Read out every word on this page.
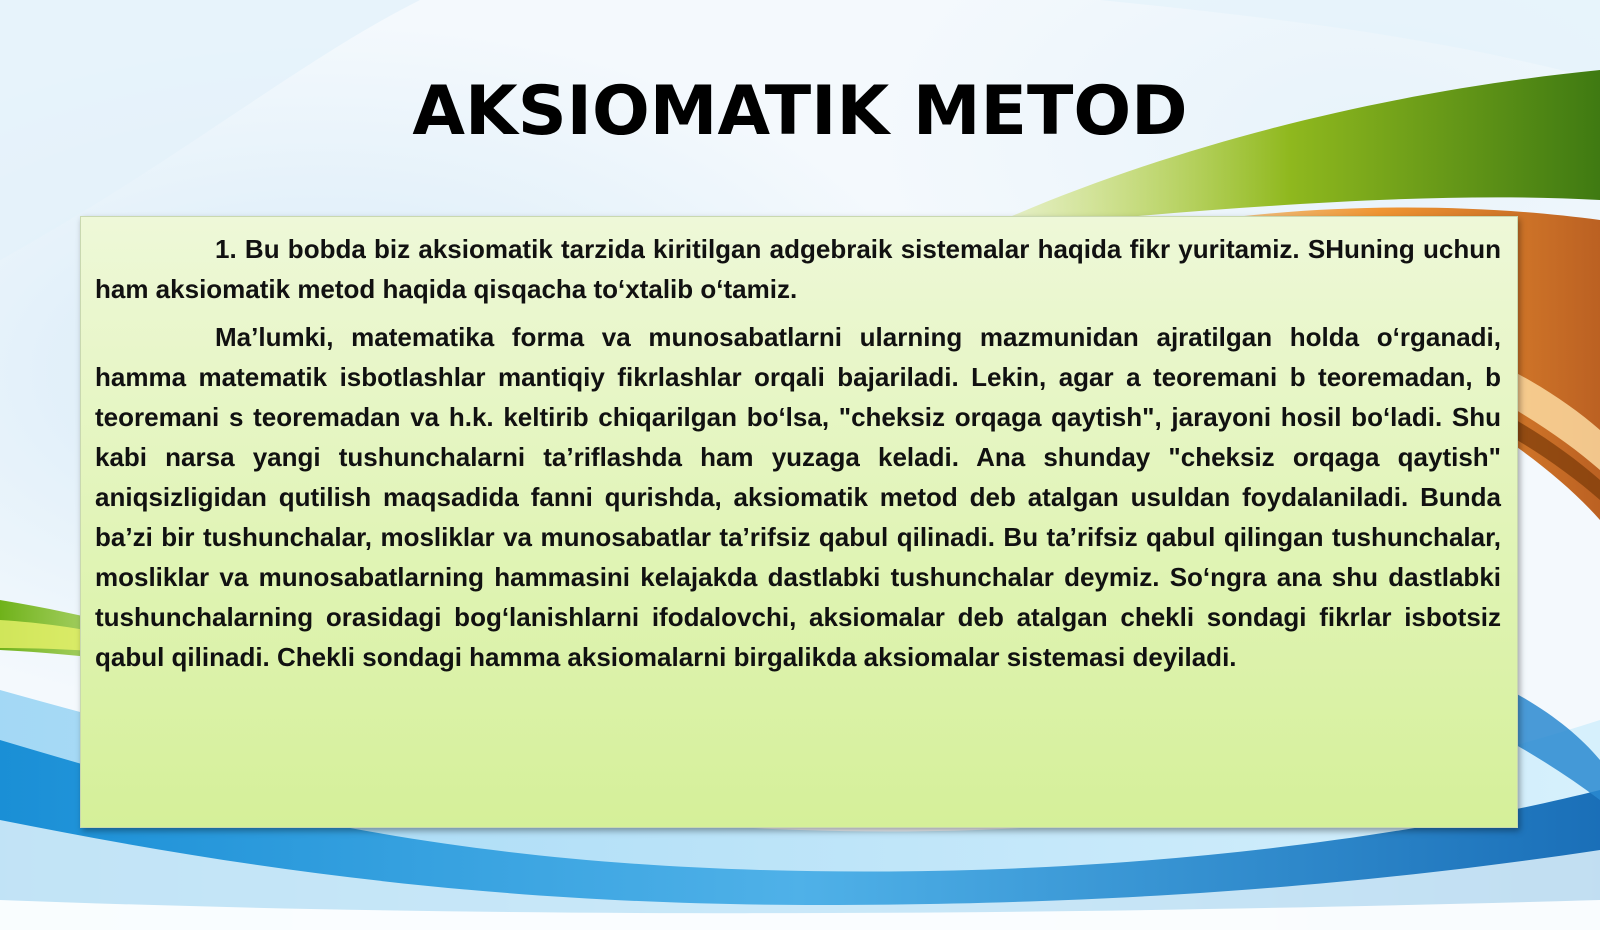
AKSIOMATIK METOD

1. Bu bobda biz aksiomatik tarzida kiritilgan adgebraik sistemalar haqida fikr yuritamiz. SHuning uchun ham aksiomatik metod haqida qisqacha to‘xtalib o‘tamiz.

Ma’lumki, matematika forma va munosabatlarni ularning mazmunidan ajratilgan holda o‘rganadi, hamma matematik isbotlashlar mantiqiy fikrlashlar orqali bajariladi. Lekin, agar a teoremani b teoremadan, b teoremani s teoremadan va h.k. keltirib chiqarilgan bo‘lsa, "cheksiz orqaga qaytish", jarayoni hosil bo‘ladi. Shu kabi narsa yangi tushunchalarni ta’riflashda ham yuzaga keladi. Ana shunday "cheksiz orqaga qaytish" aniqsizligidan qutilish maqsadida fanni qurishda, aksiomatik metod deb atalgan usuldan foydalaniladi. Bunda ba’zi bir tushunchalar, mosliklar va munosabatlar ta’rifsiz qabul qilinadi. Bu ta’rifsiz qabul qilingan tushunchalar, mosliklar va munosabatlarning hammasini kelajakda dastlabki tushunchalar deymiz. So‘ngra ana shu dastlabki tushunchalarning orasidagi bog‘lanishlarni ifodalovchi, aksiomalar deb atalgan chekli sondagi fikrlar isbotsiz qabul qilinadi. Chekli sondagi hamma aksiomalarni birgalikda aksiomalar sistemasi deyiladi.
